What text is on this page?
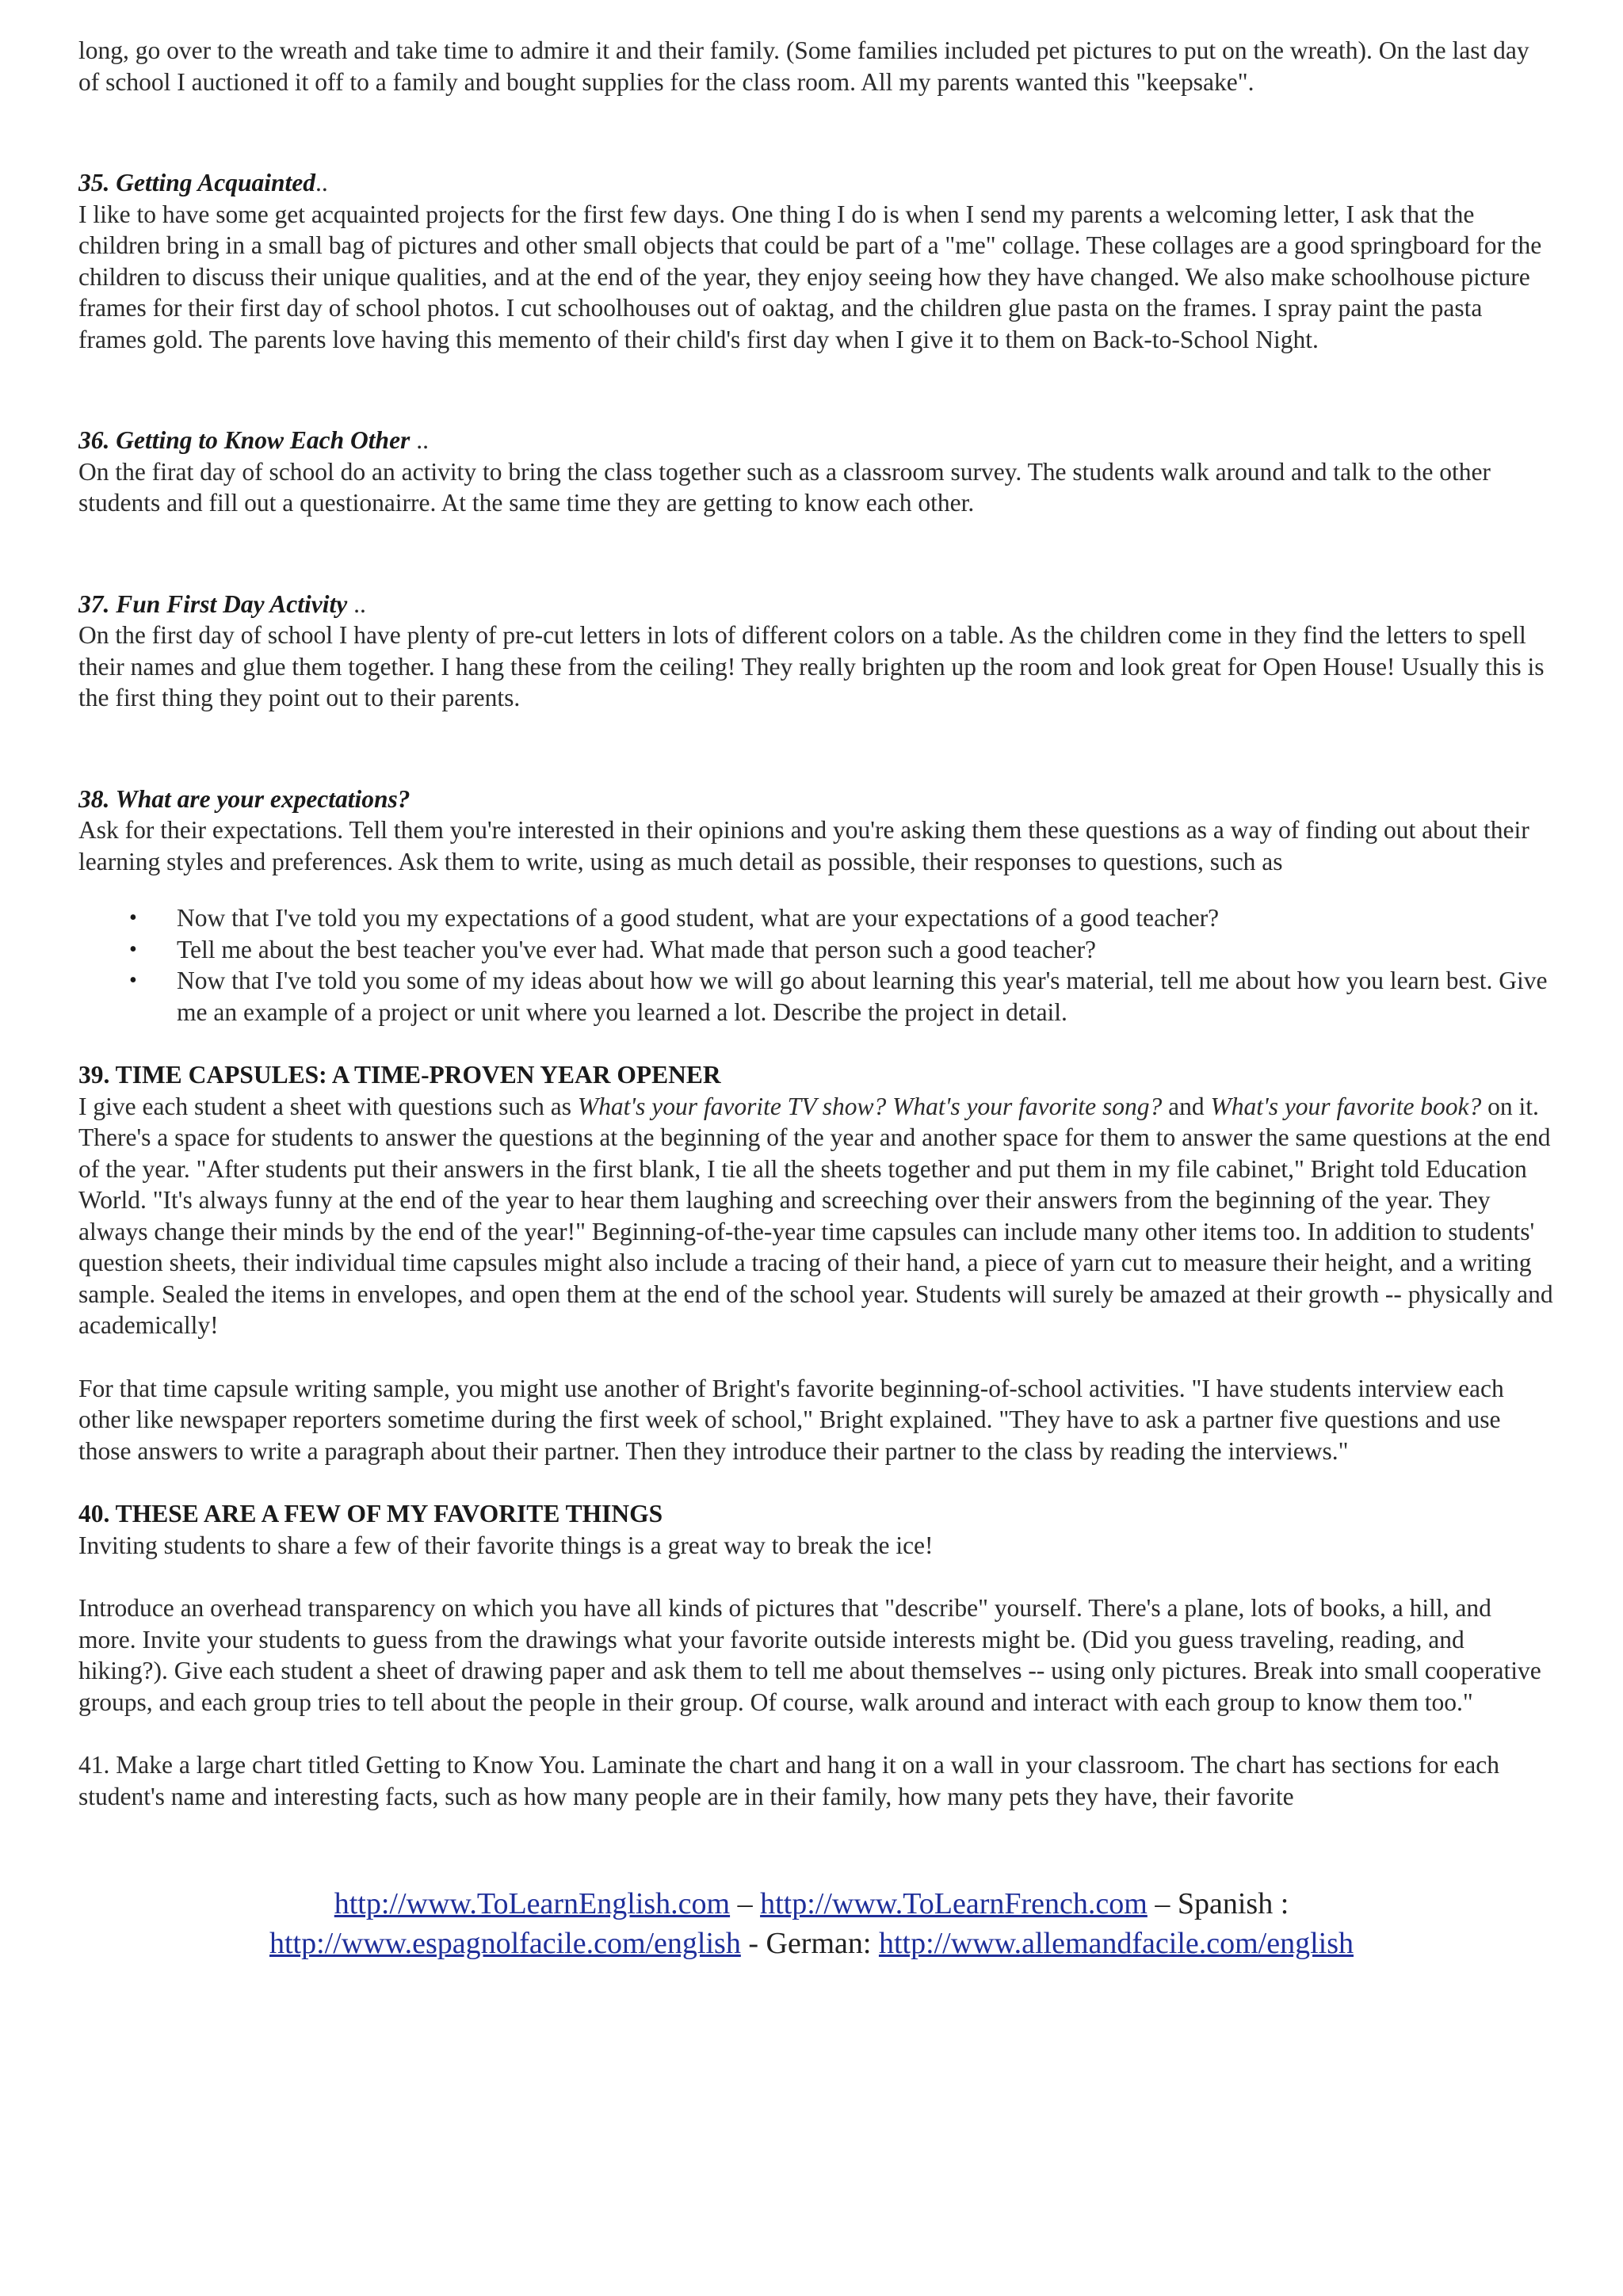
long, go over to the wreath and take time to admire it and their family. (Some families included pet pictures to put on the wreath). On the last day of school I auctioned it off to a family and bought supplies for the class room. All my parents wanted this "keepsake".

35. Getting Acquainted..

I like to have some get acquainted projects for the first few days. One thing I do is when I send my parents a welcoming letter, I ask that the children bring in a small bag of pictures and other small objects that could be part of a "me" collage. These collages are a good springboard for the children to discuss their unique qualities, and at the end of the year, they enjoy seeing how they have changed. We also make schoolhouse picture frames for their first day of school photos. I cut schoolhouses out of oaktag, and the children glue pasta on the frames. I spray paint the pasta frames gold. The parents love having this memento of their child's first day when I give it to them on Back-to-School Night.

36. Getting to Know Each Other ..

On the firat day of school do an activity to bring the class together such as a classroom survey. The students walk around and talk to the other students and fill out a questionairre. At the same time they are getting to know each other.

37. Fun First Day Activity ..

On the first day of school I have plenty of pre-cut letters in lots of different colors on a table. As the children come in they find the letters to spell their names and glue them together. I hang these from the ceiling! They really brighten up the room and look great for Open House! Usually this is the first thing they point out to their parents.

38. What are your expectations?

Ask for their expectations. Tell them you're interested in their opinions and you're asking them these questions as a way of finding out about their learning styles and preferences. Ask them to write, using as much detail as possible, their responses to questions, such as

• Now that I've told you my expectations of a good student, what are your expectations of a good teacher?
• Tell me about the best teacher you've ever had. What made that person such a good teacher?
• Now that I've told you some of my ideas about how we will go about learning this year's material, tell me about how you learn best. Give me an example of a project or unit where you learned a lot. Describe the project in detail.

39. TIME CAPSULES: A TIME-PROVEN YEAR OPENER

I give each student a sheet with questions such as What's your favorite TV show? What's your favorite song? and What's your favorite book? on it. There's a space for students to answer the questions at the beginning of the year and another space for them to answer the same questions at the end of the year. "After students put their answers in the first blank, I tie all the sheets together and put them in my file cabinet," Bright told Education World. "It's always funny at the end of the year to hear them laughing and screeching over their answers from the beginning of the year. They always change their minds by the end of the year!" Beginning-of-the-year time capsules can include many other items too. In addition to students' question sheets, their individual time capsules might also include a tracing of their hand, a piece of yarn cut to measure their height, and a writing sample. Sealed the items in envelopes, and open them at the end of the school year. Students will surely be amazed at their growth -- physically and academically!

For that time capsule writing sample, you might use another of Bright's favorite beginning-of-school activities. "I have students interview each other like newspaper reporters sometime during the first week of school," Bright explained. "They have to ask a partner five questions and use those answers to write a paragraph about their partner. Then they introduce their partner to the class by reading the interviews."

40. THESE ARE A FEW OF MY FAVORITE THINGS

Inviting students to share a few of their favorite things is a great way to break the ice!

Introduce an overhead transparency on which you have all kinds of pictures that "describe" yourself. There's a plane, lots of books, a hill, and more. Invite your students to guess from the drawings what your favorite outside interests might be. (Did you guess traveling, reading, and hiking?). Give each student a sheet of drawing paper and ask them to tell me about themselves -- using only pictures. Break into small cooperative groups, and each group tries to tell about the people in their group. Of course, walk around and interact with each group to know them too."

41. Make a large chart titled Getting to Know You. Laminate the chart and hang it on a wall in your classroom. The chart has sections for each student's name and interesting facts, such as how many people are in their family, how many pets they have, their favorite

http://www.ToLearnEnglish.com – http://www.ToLearnFrench.com – Spanish :
http://www.espagnolfacile.com/english - German: http://www.allemandfacile.com/english
